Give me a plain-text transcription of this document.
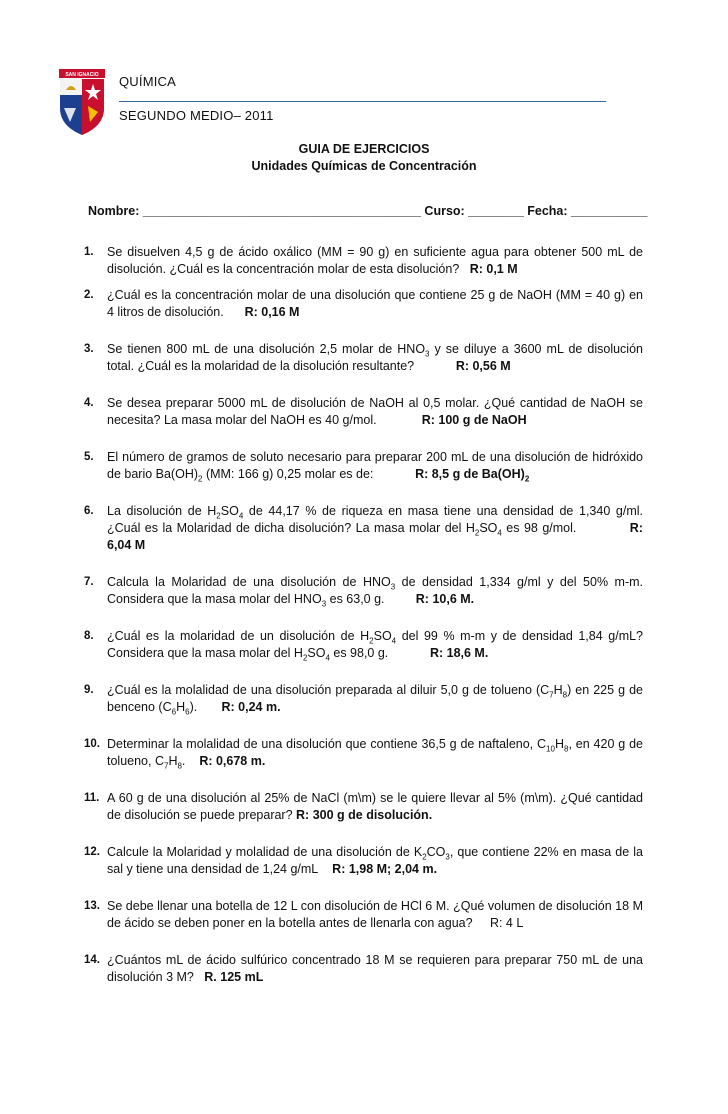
SAN IGNACIO QUÍMICA
SEGUNDO MEDIO– 2011
GUIA DE EJERCICIOS
Unidades Químicas de Concentración
Nombre: ________________________________________ Curso: ________ Fecha: ___________
1. Se disuelven 4,5 g de ácido oxálico (MM = 90 g) en suficiente agua para obtener 500 mL de disolución. ¿Cuál es la concentración molar de esta disolución? R: 0,1 M
2. ¿Cuál es la concentración molar de una disolución que contiene 25 g de NaOH (MM = 40 g) en 4 litros de disolución. R: 0,16 M
3. Se tienen 800 mL de una disolución 2,5 molar de $HNO_3$ y se diluye a 3600 mL de disolución total. ¿Cuál es la molaridad de la disolución resultante?	R: 0,56 M
4. Se desea preparar 5000 mL de disolución de NaOH al 0,5 molar. ¿Qué cantidad de NaOH se necesita? La masa molar del NaOH es 40 g/mol.	R: 100 g de NaOH
5. El número de gramos de soluto necesario para preparar 200 mL de una disolución de hidróxido de bario $Ba(OH)_2$ (MM: 166 g) 0,25 molar es de:	R: 8,5 g de $Ba(OH)_2$
6. La disolución de $H_2SO_4$ de 44,17 % de riqueza en masa tiene una densidad de 1,340 g/ml. ¿Cuál es la Molaridad de dicha disolución? La masa molar del $H_2SO_4$ es 98 g/mol.	R: 6,04 M
7. Calcula la Molaridad de una disolución de $HNO_3$ de densidad 1,334 g/ml y del 50% m-m. Considera que la masa molar del $HNO_3$ es 63,0 g.	R: 10,6 M.
8. ¿Cuál es la molaridad de un disolución de $H_2SO_4$ del 99 % m-m y de densidad 1,84 g/mL? Considera que la masa molar del $H_2SO_4$ es 98,0 g.	R: 18,6 M.
9. ¿Cuál es la molalidad de una disolución preparada al diluir 5,0 g de tolueno $(C_7H_8)$ en 225 g de benceno $(C_6H_6)$. R: 0,24 m.
10. Determinar la molalidad de una disolución que contiene 36,5 g de naftaleno, $C_{10}H_8$, en 420 g de tolueno, $C_7H_8$. R: 0,678 m.
11. A 60 g de una disolución al 25% de NaCl (m\m) se le quiere llevar al 5% (m\m). ¿Qué cantidad de disolución se puede preparar? R: 300 g de disolución.
12. Calcule la Molaridad y molalidad de una disolución de $K_2CO_3$, que contiene 22% en masa de la sal y tiene una densidad de 1,24 g/mL R: 1,98 M; 2,04 m.
13. Se debe llenar una botella de 12 L con disolución de HCl 6 M. ¿Qué volumen de disolución 18 M de ácido se deben poner en la botella antes de llenarla con agua? R: 4 L
14. ¿Cuántos mL de ácido sulfúrico concentrado 18 M se requieren para preparar 750 mL de una disolución 3 M? R. 125 mL
